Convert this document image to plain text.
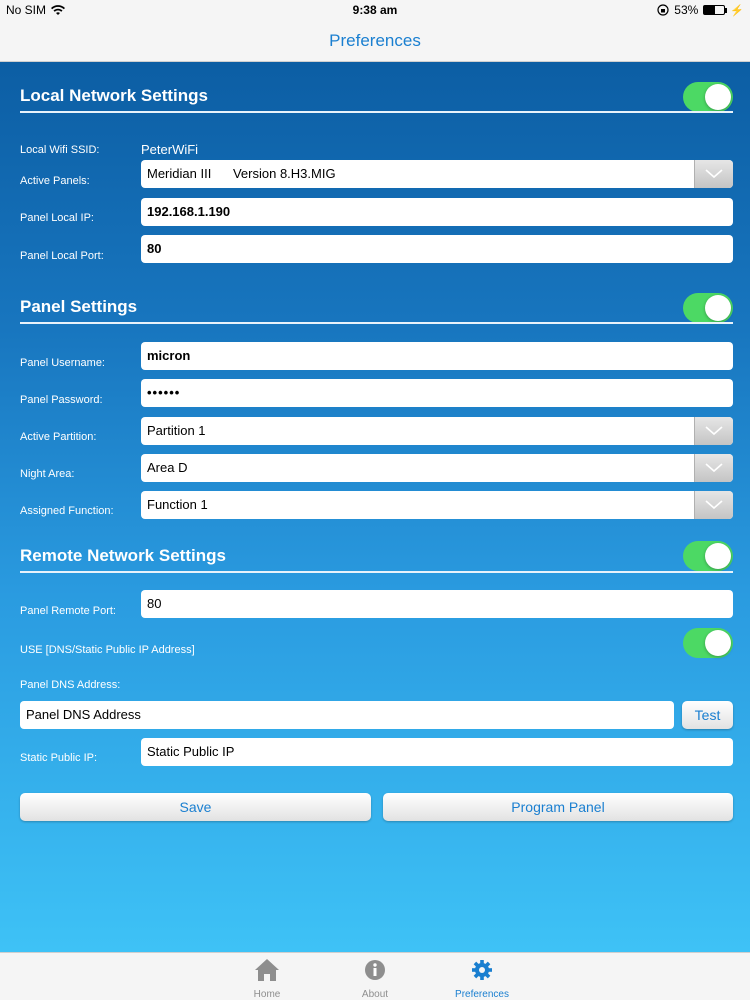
No SIM	9:38 am	53%	⚡
Preferences
Local Network Settings
Local Wifi SSID:	PeterWiFi
Active Panels:	Meridian III      Version 8.H3.MIG
Panel Local IP:	192.168.1.190
Panel Local Port:	80
Panel Settings
Panel Username:	micron
Panel Password:	••••••
Active Partition:	Partition 1
Night Area:	Area D
Assigned Function:	Function 1
Remote Network Settings
Panel Remote Port:	80
USE [DNS/Static Public IP Address]
Panel DNS Address:
Panel DNS Address	Test
Static Public IP:	Static Public IP
Save	Program Panel
Home	About	Preferences
